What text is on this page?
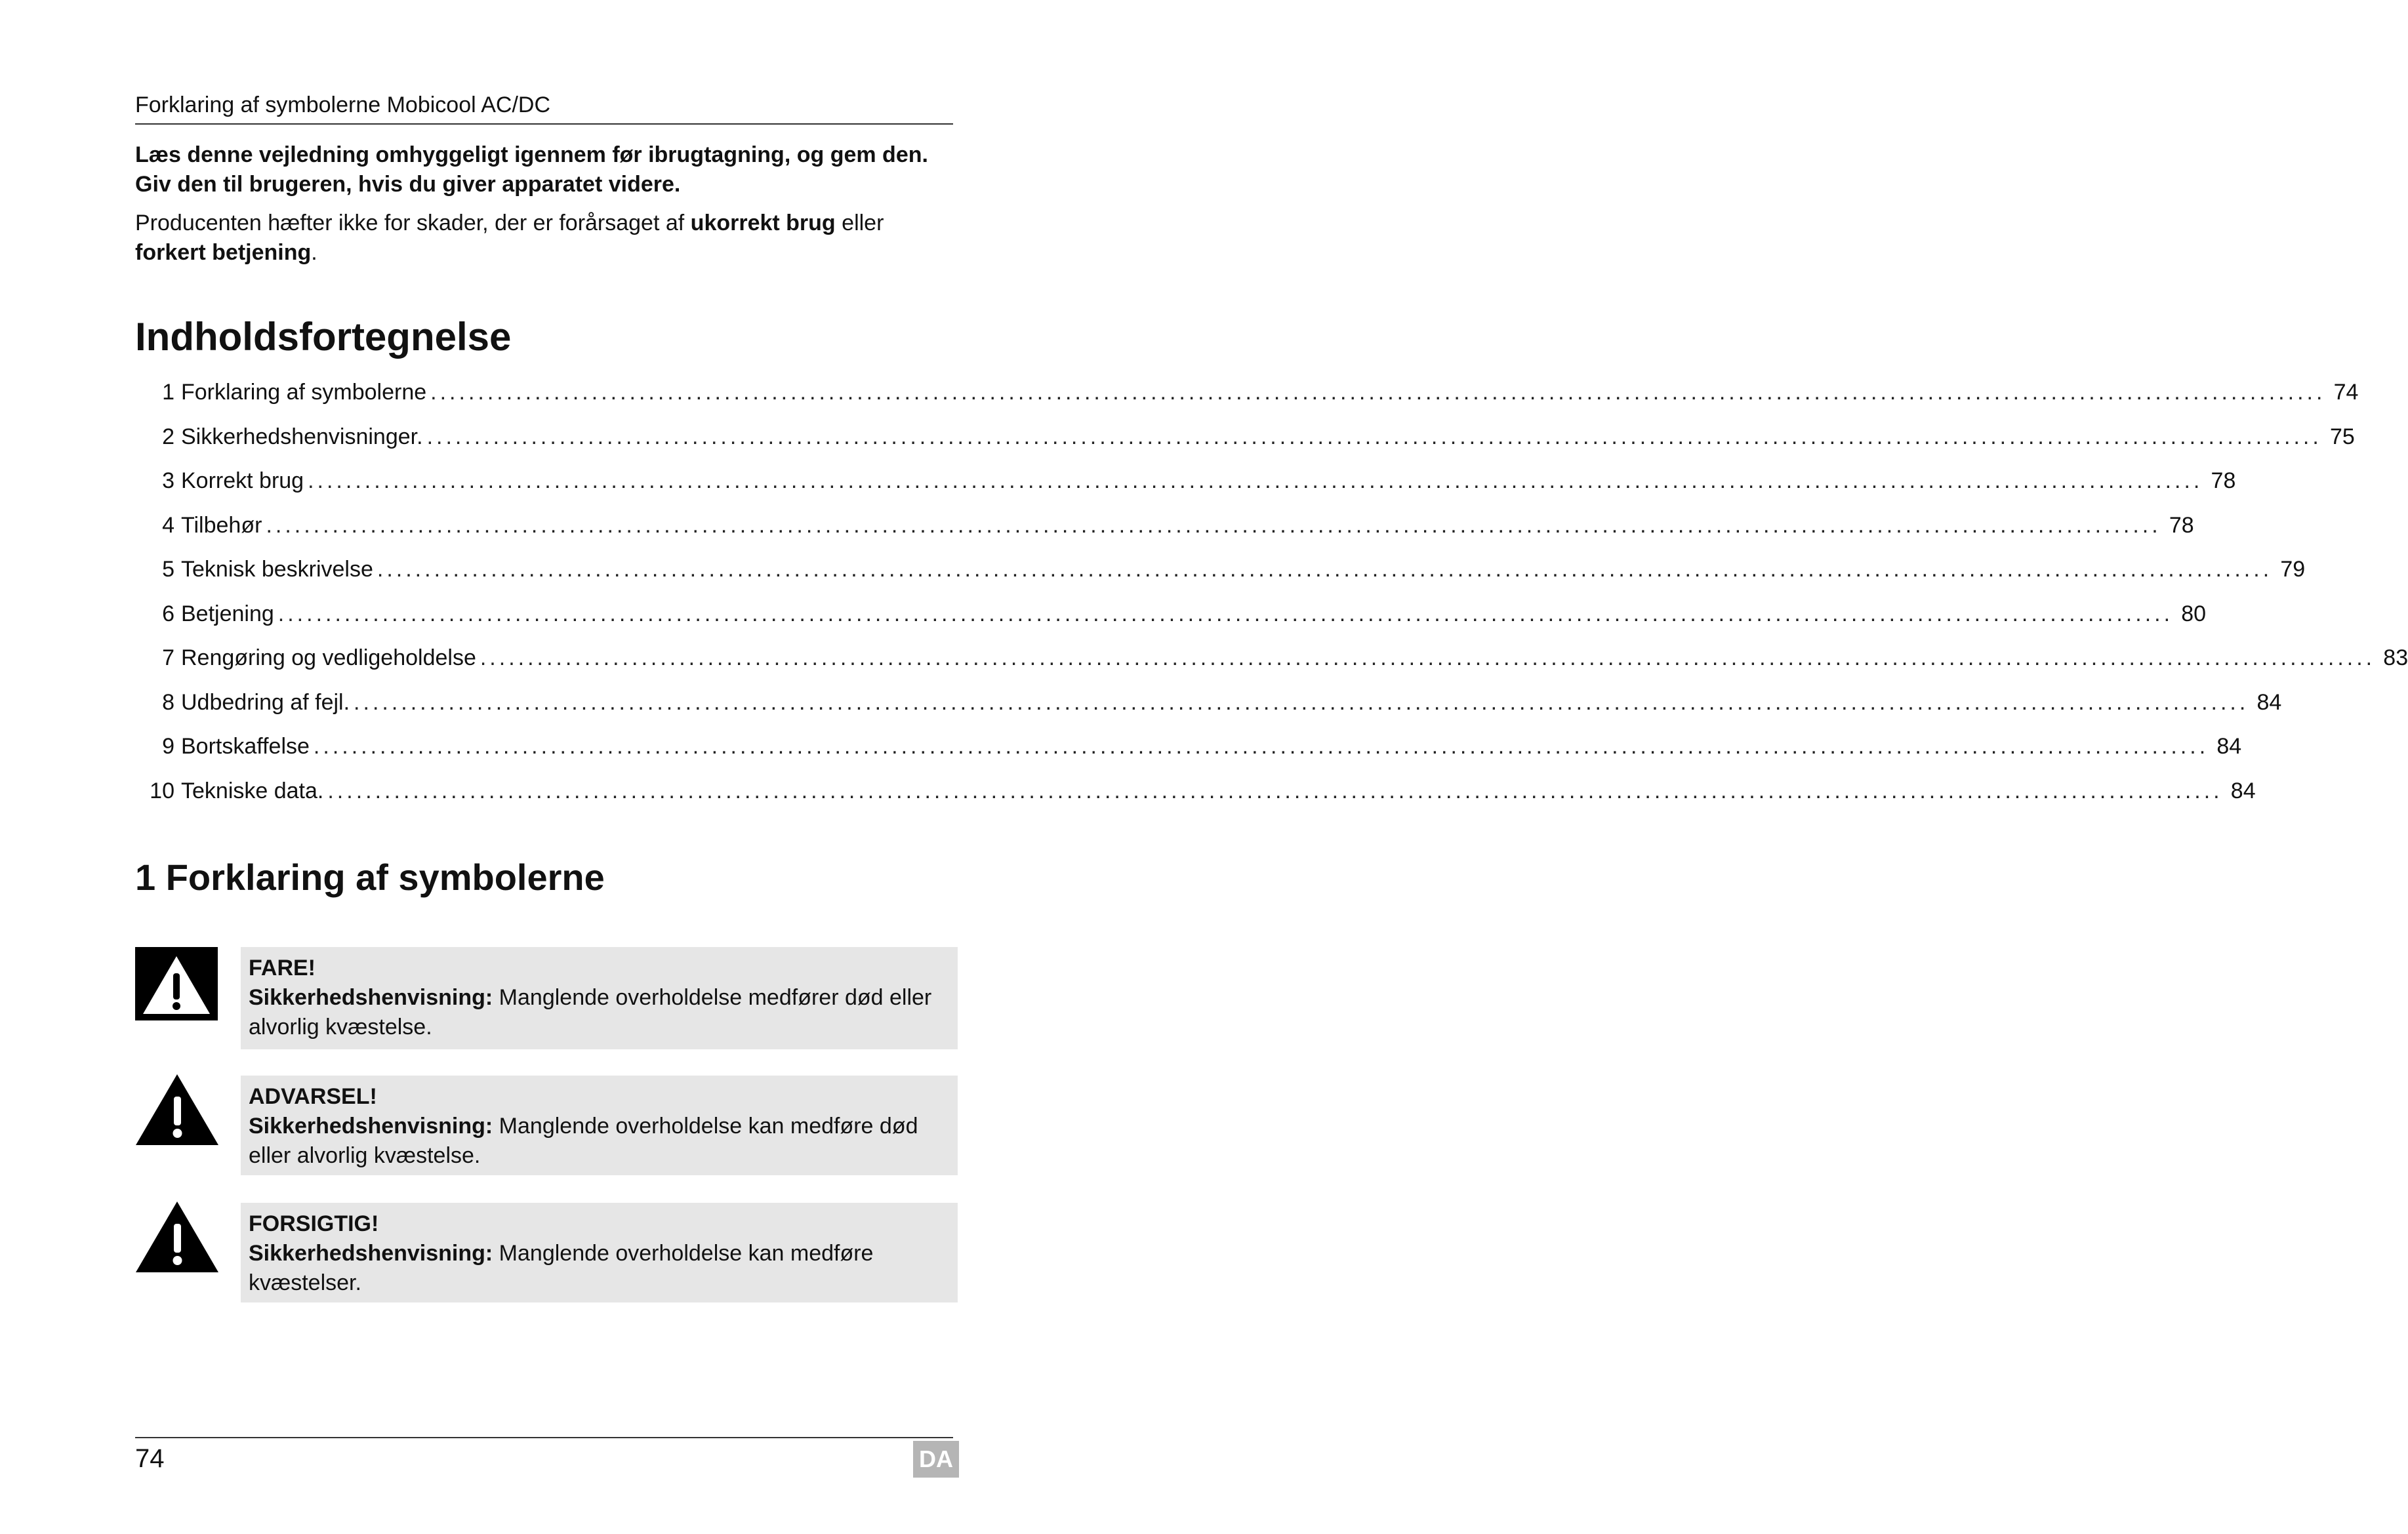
Forklaring af symbolerne Mobicool AC/DC

Læs denne vejledning omhyggeligt igennem før ibrugtagning, og gem den. Giv den til brugeren, hvis du giver apparatet videre.

Producenten hæfter ikke for skader, der er forårsaget af ukorrekt brug eller forkert betjening.

Indholdsfortegnelse
1 Forklaring af symbolerne ........................................................................................................................................................................................................ 74
2 Sikkerhedshenvisninger. ........................................................................................................................................................................................................ 75
3 Korrekt brug ........................................................................................................................................................................................................ 78
4 Tilbehør ........................................................................................................................................................................................................ 78
5 Teknisk beskrivelse ........................................................................................................................................................................................................ 79
6 Betjening ........................................................................................................................................................................................................ 80
7 Rengøring og vedligeholdelse ........................................................................................................................................................................................................ 83
8 Udbedring af fejl. ........................................................................................................................................................................................................ 84
9 Bortskaffelse ........................................................................................................................................................................................................ 84
10 Tekniske data. ........................................................................................................................................................................................................ 84
1 Forklaring af symbolerne
FARE!
Sikkerhedshenvisning: Manglende overholdelse medfører død eller alvorlig kvæstelse.
ADVARSEL!
Sikkerhedshenvisning: Manglende overholdelse kan medføre død eller alvorlig kvæstelse.
FORSIGTIG!
Sikkerhedshenvisning: Manglende overholdelse kan medføre kvæstelser.
74	DA
